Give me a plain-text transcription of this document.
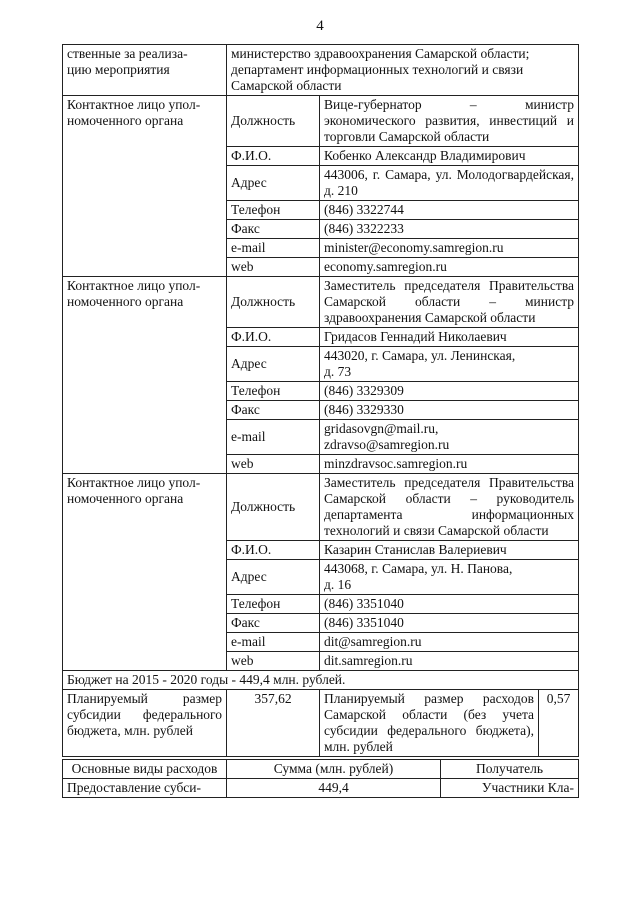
4
ственные за реализа-
цию мероприятия	министерство здравоохранения Самарской области;
департамент информационных технологий и связи
Самарской области	
Контактное лицо упол-
номоченного органа	Должность	Вице-губернатор – министр экономического развития, инвестиций и торговли Самарской области
	Ф.И.О.	Кобенко Александр Владимирович
	Адрес	443006, г. Самара, ул. Молодогвардейская, д. 210
	Телефон	(846) 3322744
	Факс	(846) 3322233
	e-mail	minister@economy.samregion.ru
	web	economy.samregion.ru
Контактное лицо упол-
номоченного органа	Должность	Заместитель председателя Правительства Самарской области – министр здравоохранения Самарской области
	Ф.И.О.	Гридасов Геннадий Николаевич
	Адрес	443020, г. Самара, ул. Ленинская,
д. 73
	Телефон	(846) 3329309
	Факс	(846) 3329330
	e-mail	gridasovgn@mail.ru,
zdravso@samregion.ru
	web	minzdravsoc.samregion.ru
Контактное лицо упол-
номоченного органа	Должность	Заместитель председателя Правительства Самарской области – руководитель департамента информационных технологий и связи Самарской области
	Ф.И.О.	Казарин Станислав Валериевич
	Адрес	443068, г. Самара, ул. Н. Панова,
д. 16
	Телефон	(846) 3351040
	Факс	(846) 3351040
	e-mail	dit@samregion.ru
	web	dit.samregion.ru
Бюджет на 2015 - 2020 годы - 449,4 млн. рублей.
Планируемый размер субсидии федерального бюджета, млн. рублей	357,62	Планируемый размер расходов Самарской области (без учета субсидии федерального бюджета), млн. рублей	0,57
Основные виды расходов	Сумма (млн. рублей)	Получатель
Предоставление субси-	449,4	Участники Кла-
